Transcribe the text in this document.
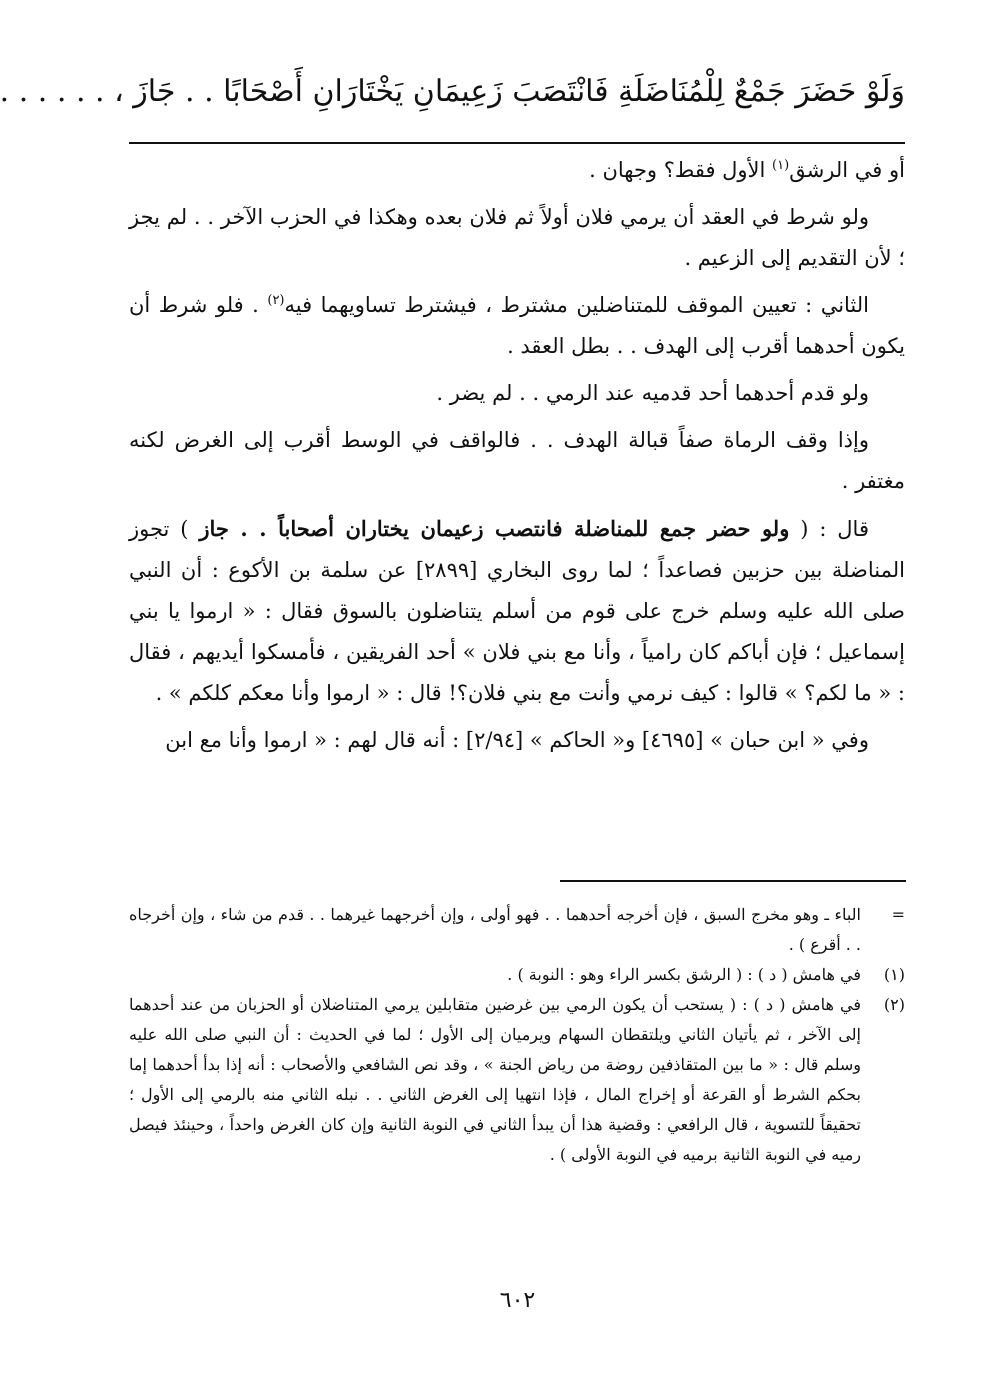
وَلَوْ حَضَرَ جَمْعٌ لِلْمُنَاضَلَةِ فَانْتَصَبَ زَعِيمَانِ يَخْتَارَانِ أَصْحَابًا . . جَازَ ، . . . . . .

أو في الرشق$^{(١)}$ الأول فقط؟ وجهان .

ولو شرط في العقد أن يرمي فلان أولاً ثم فلان بعده وهكذا في الحزب الآخر . . لم يجز ؛ لأن التقديم إلى الزعيم .

الثاني : تعيين الموقف للمتناضلين مشترط ، فيشترط تساويهما فيه$^{(٢)}$ . فلو شرط أن يكون أحدهما أقرب إلى الهدف . . بطل العقد .

ولو قدم أحدهما أحد قدميه عند الرمي . . لم يضر .

وإذا وقف الرماة صفاً قبالة الهدف . . فالواقف في الوسط أقرب إلى الغرض لكنه مغتفر .

قال : ( ولو حضر جمع للمناضلة فانتصب زعيمان يختاران أصحاباً . . جاز ) تجوز المناضلة بين حزبين فصاعداً ؛ لما روى البخاري [٢٨٩٩] عن سلمة بن الأكوع : أن النبي صلى الله عليه وسلم خرج على قوم من أسلم يتناضلون بالسوق فقال : « ارموا يا بني إسماعيل ؛ فإن أباكم كان رامياً ، وأنا مع بني فلان » أحد الفريقين ، فأمسكوا أيديهم ، فقال : « ما لكم؟ » قالوا : كيف نرمي وأنت مع بني فلان؟! قال : « ارموا وأنا معكم كلكم » .

وفي « ابن حبان » [٤٦٩٥] و« الحاكم » [٢/٩٤] : أنه قال لهم : « ارموا وأنا مع ابن

=
الباء ـ وهو مخرج السبق ، فإن أخرجه أحدهما . . فهو أولى ، وإن أخرجهما غيرهما . . قدم من شاء ، وإن أخرجاه . . أقرع ) .
(١)
في هامش ( د ) : ( الرشق بكسر الراء وهو : النوبة ) .
(٢)
في هامش ( د ) : ( يستحب أن يكون الرمي بين غرضين متقابلين يرمي المتناضلان أو الحزبان من عند أحدهما إلى الآخر ، ثم يأتيان الثاني ويلتقطان السهام ويرميان إلى الأول ؛ لما في الحديث : أن النبي صلى الله عليه وسلم قال : « ما بين المتقاذفين روضة من رياض الجنة » ، وقد نص الشافعي والأصحاب : أنه إذا بدأ أحدهما إما بحكم الشرط أو القرعة أو إخراج المال ، فإذا انتهيا إلى الغرض الثاني . . نبله الثاني منه بالرمي إلى الأول ؛ تحقيقاً للتسوية ، قال الرافعي : وقضية هذا أن يبدأ الثاني في النوبة الثانية وإن كان الغرض واحداً ، وحينئذ فيصل رميه في النوبة الثانية برميه في النوبة الأولى ) .
٦٠٢
